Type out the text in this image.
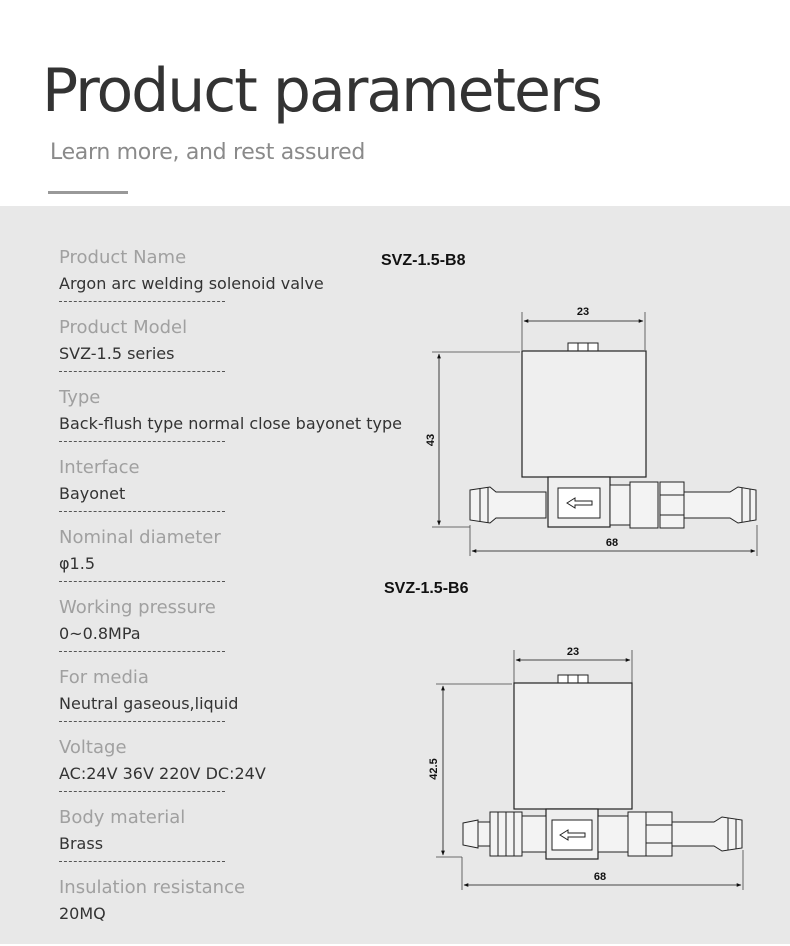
Product parameters
Learn more, and rest assured
Product Name
Argon arc welding solenoid valve
Product Model
SVZ-1.5 series
Type
Back-flush type normal close bayonet type
Interface
Bayonet
Nominal diameter
φ1.5
Working pressure
0~0.8MPa
For media
Neutral gaseous,liquid
Voltage
AC:24V 36V 220V DC:24V
Body material
Brass
Insulation resistance
20MQ
SVZ-1.5-B8
23
43
68
SVZ-1.5-B6
23
42.5
68
